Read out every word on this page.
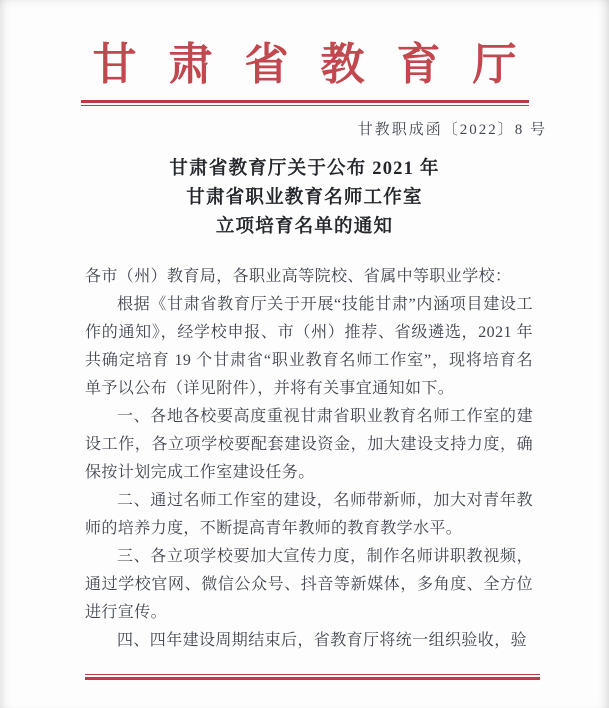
甘肃省教育厅
甘教职成函〔2022〕8 号
甘肃省教育厅关于公布 2021 年
甘肃省职业教育名师工作室
立项培育名单的通知

各市（州）教育局，各职业高等院校、省属中等职业学校：

根据《甘肃省教育厅关于开展“技能甘肃”内涵项目建设工作的通知》，经学校申报、市（州）推荐、省级遴选，2021 年共确定培育 19 个甘肃省“职业教育名师工作室”，现将培育名单予以公布（详见附件），并将有关事宜通知如下。

一、各地各校要高度重视甘肃省职业教育名师工作室的建设工作，各立项学校要配套建设资金，加大建设支持力度，确保按计划完成工作室建设任务。

二、通过名师工作室的建设，名师带新师，加大对青年教师的培养力度，不断提高青年教师的教育教学水平。

三、各立项学校要加大宣传力度，制作名师讲职教视频，通过学校官网、微信公众号、抖音等新媒体，多角度、全方位进行宣传。

四、四年建设周期结束后，省教育厅将统一组织验收，验
